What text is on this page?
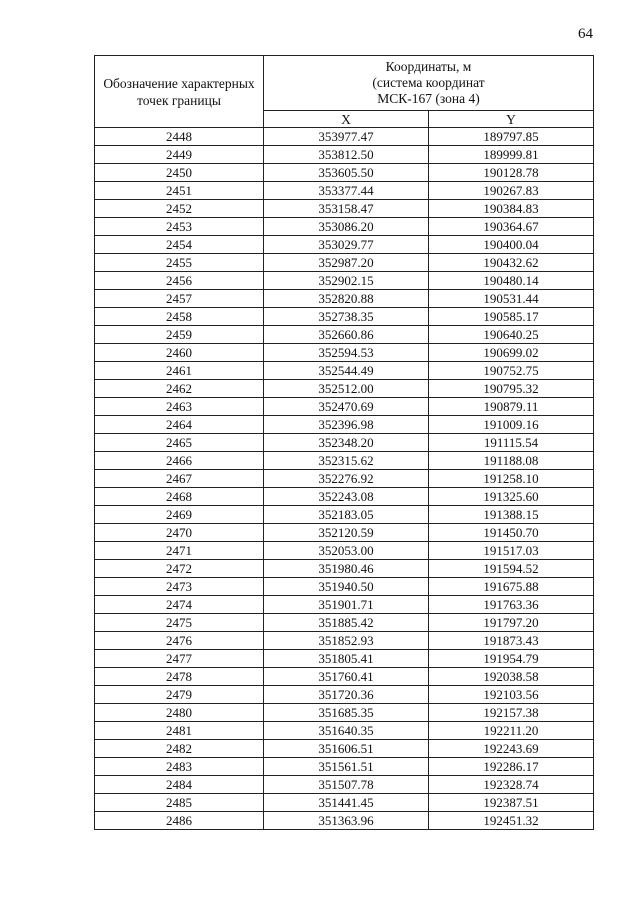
64
Обозначение характерных точек границы	Координаты, м
(система координат
МСК-167 (зона 4)	
	X	Y
2448	353977.47	189797.85
2449	353812.50	189999.81
2450	353605.50	190128.78
2451	353377.44	190267.83
2452	353158.47	190384.83
2453	353086.20	190364.67
2454	353029.77	190400.04
2455	352987.20	190432.62
2456	352902.15	190480.14
2457	352820.88	190531.44
2458	352738.35	190585.17
2459	352660.86	190640.25
2460	352594.53	190699.02
2461	352544.49	190752.75
2462	352512.00	190795.32
2463	352470.69	190879.11
2464	352396.98	191009.16
2465	352348.20	191115.54
2466	352315.62	191188.08
2467	352276.92	191258.10
2468	352243.08	191325.60
2469	352183.05	191388.15
2470	352120.59	191450.70
2471	352053.00	191517.03
2472	351980.46	191594.52
2473	351940.50	191675.88
2474	351901.71	191763.36
2475	351885.42	191797.20
2476	351852.93	191873.43
2477	351805.41	191954.79
2478	351760.41	192038.58
2479	351720.36	192103.56
2480	351685.35	192157.38
2481	351640.35	192211.20
2482	351606.51	192243.69
2483	351561.51	192286.17
2484	351507.78	192328.74
2485	351441.45	192387.51
2486	351363.96	192451.32
